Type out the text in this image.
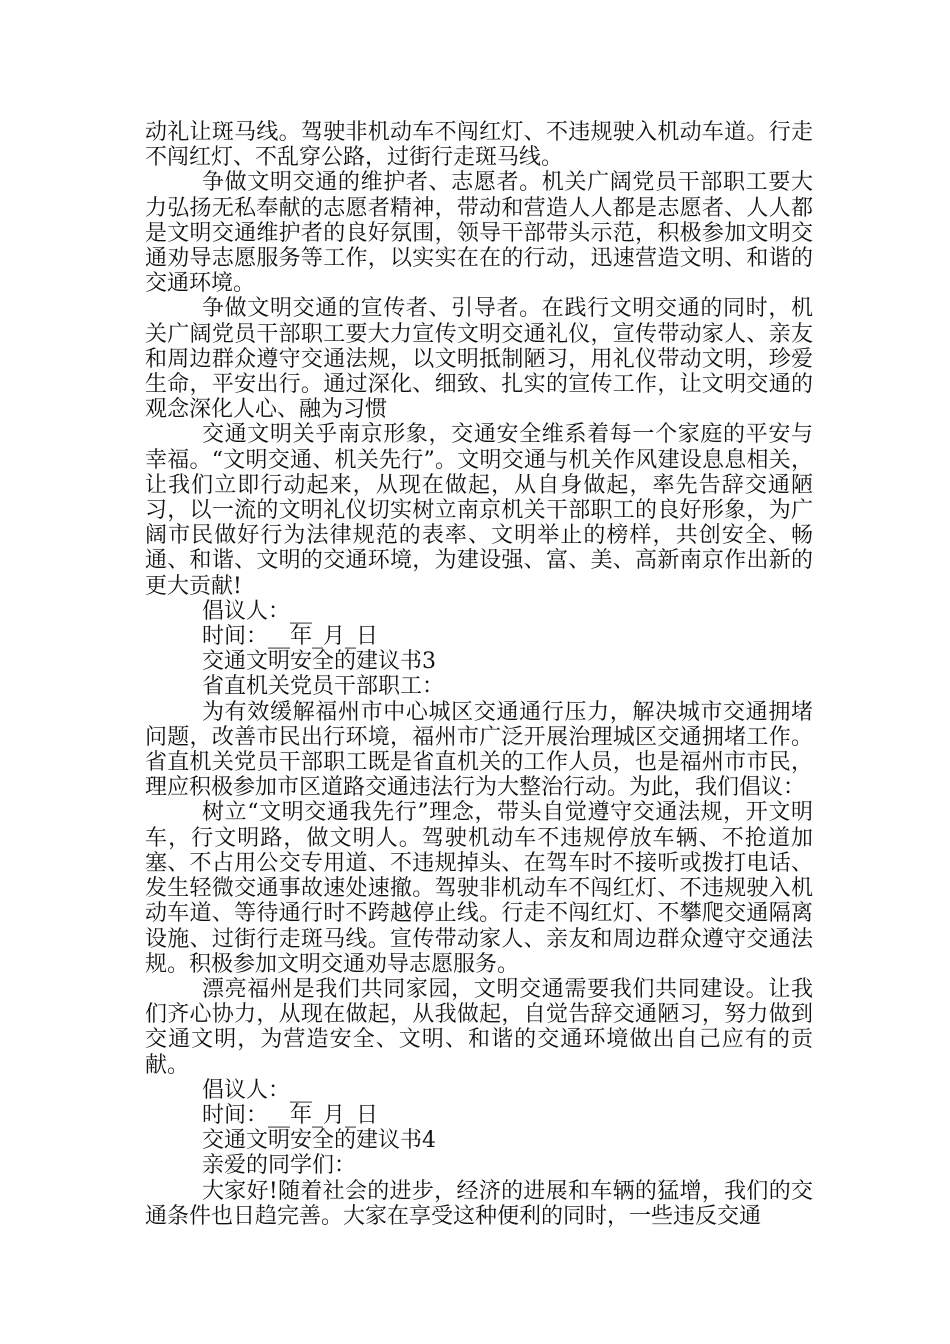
动礼让斑马线。驾驶非机动车不闯红灯、不违规驶入机动车道。行走不闯红灯、不乱穿公路，过街行走斑马线。

争做文明交通的维护者、志愿者。机关广阔党员干部职工要大力弘扬无私奉献的志愿者精神，带动和营造人人都是志愿者、人人都是文明交通维护者的良好氛围，领导干部带头示范，积极参加文明交通劝导志愿服务等工作，以实实在在的行动，迅速营造文明、和谐的交通环境。

争做文明交通的宣传者、引导者。在践行文明交通的同时，机关广阔党员干部职工要大力宣传文明交通礼仪，宣传带动家人、亲友和周边群众遵守交通法规，以文明抵制陋习，用礼仪带动文明，珍爱生命，平安出行。通过深化、细致、扎实的宣传工作，让文明交通的观念深化人心、融为习惯

交通文明关乎南京形象，交通安全维系着每一个家庭的平安与幸福。“文明交通、机关先行”。文明交通与机关作风建设息息相关，让我们立即行动起来，从现在做起，从自身做起，率先告辞交通陋习，以一流的文明礼仪切实树立南京机关干部职工的良好形象，为广阔市民做好行为法律规范的表率、文明举止的榜样，共创安全、畅通、和谐、文明的交通环境，为建设强、富、美、高新南京作出新的更大贡献!

倡议人：__

时间：__年_月_日

交通文明安全的建议书3

省直机关党员干部职工：

为有效缓解福州市中心城区交通通行压力，解决城市交通拥堵问题，改善市民出行环境，福州市广泛开展治理城区交通拥堵工作。省直机关党员干部职工既是省直机关的工作人员，也是福州市市民，理应积极参加市区道路交通违法行为大整治行动。为此，我们倡议：

树立“文明交通我先行”理念，带头自觉遵守交通法规，开文明车，行文明路，做文明人。驾驶机动车不违规停放车辆、不抢道加塞、不占用公交专用道、不违规掉头、在驾车时不接听或拨打电话、发生轻微交通事故速处速撤。驾驶非机动车不闯红灯、不违规驶入机动车道、等待通行时不跨越停止线。行走不闯红灯、不攀爬交通隔离设施、过街行走斑马线。宣传带动家人、亲友和周边群众遵守交通法规。积极参加文明交通劝导志愿服务。

漂亮福州是我们共同家园，文明交通需要我们共同建设。让我们齐心协力，从现在做起，从我做起，自觉告辞交通陋习，努力做到交通文明，为营造安全、文明、和谐的交通环境做出自己应有的贡献。

倡议人：__

时间：__年_月_日

交通文明安全的建议书4

亲爱的同学们：

大家好!随着社会的进步，经济的进展和车辆的猛增，我们的交通条件也日趋完善。大家在享受这种便利的同时，一些违反交通
